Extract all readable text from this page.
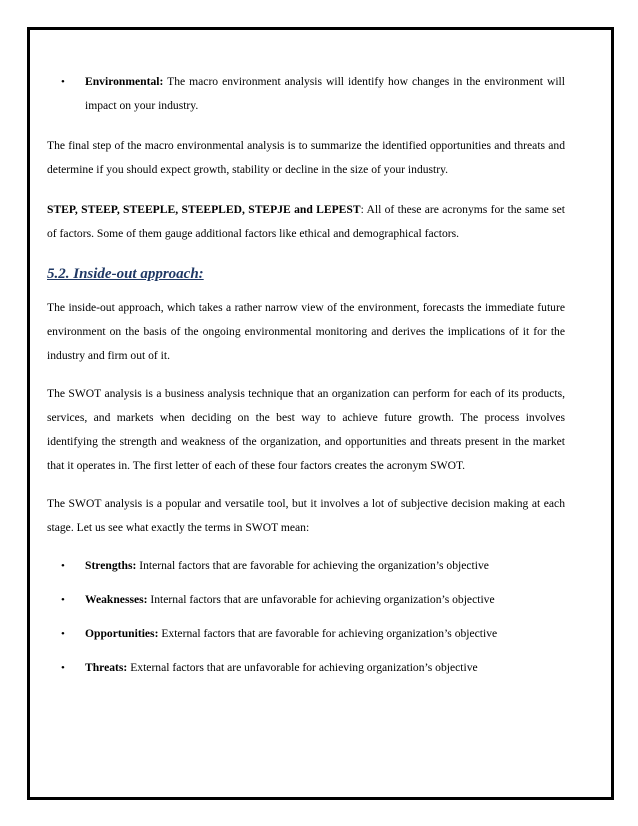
• Environmental: The macro environment analysis will identify how changes in the environment will impact on your industry.

The final step of the macro environmental analysis is to summarize the identified opportunities and threats and determine if you should expect growth, stability or decline in the size of your industry.

STEP, STEEP, STEEPLE, STEEPLED, STEPJE and LEPEST: All of these are acronyms for the same set of factors. Some of them gauge additional factors like ethical and demographical factors.

5.2. Inside-out approach:

The inside-out approach, which takes a rather narrow view of the environment, forecasts the immediate future environment on the basis of the ongoing environmental monitoring and derives the implications of it for the industry and firm out of it.

The SWOT analysis is a business analysis technique that an organization can perform for each of its products, services, and markets when deciding on the best way to achieve future growth. The process involves identifying the strength and weakness of the organization, and opportunities and threats present in the market that it operates in. The first letter of each of these four factors creates the acronym SWOT.

The SWOT analysis is a popular and versatile tool, but it involves a lot of subjective decision making at each stage. Let us see what exactly the terms in SWOT mean:

• Strengths: Internal factors that are favorable for achieving the organization’s objective
• Weaknesses: Internal factors that are unfavorable for achieving organization’s objective
• Opportunities: External factors that are favorable for achieving organization’s objective
• Threats: External factors that are unfavorable for achieving organization’s objective
